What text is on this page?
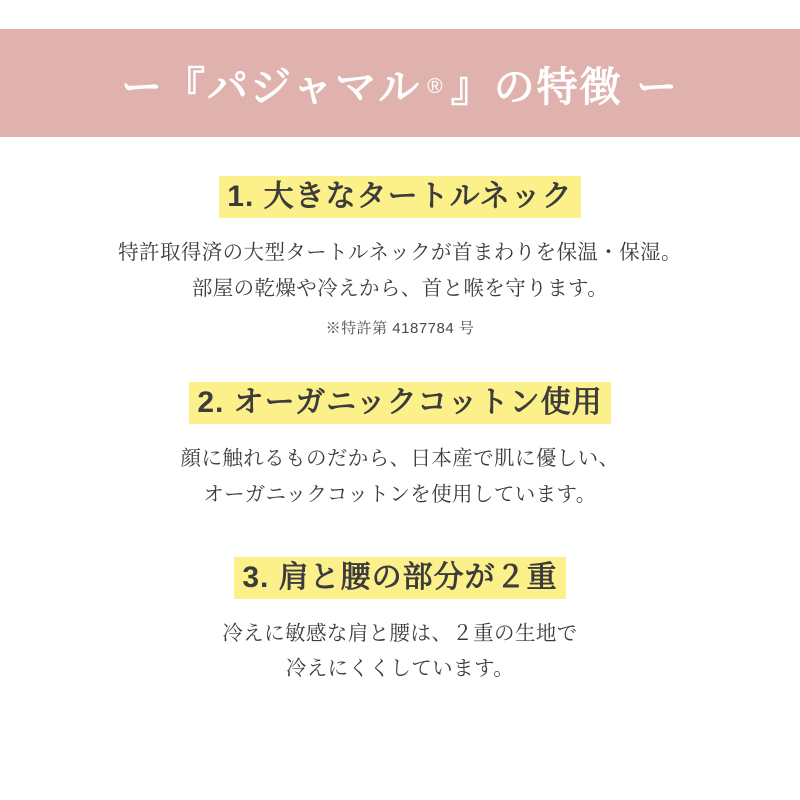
ー『パジャマル ® 』の特徴 ー
1. 大きなタートルネック
特許取得済の大型タートルネックが首まわりを保温・保湿。
部屋の乾燥や冷えから、首と喉を守ります。
※特許第 4187784 号
2. オーガニックコットン使用
顔に触れるものだから、日本産で肌に優しい、
オーガニックコットンを使用しています。
3. 肩と腰の部分が２重
冷えに敏感な肩と腰は、２重の生地で
冷えにくくしています。
